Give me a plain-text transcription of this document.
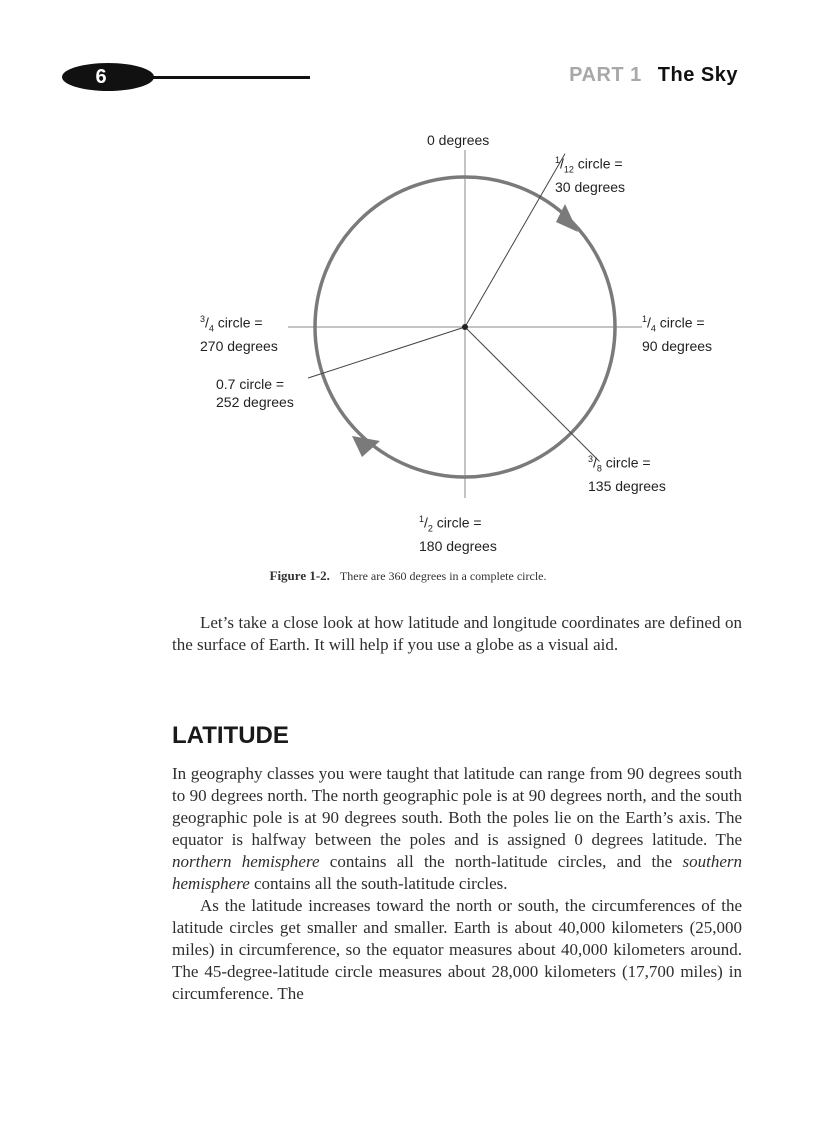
6	PART 1 The Sky
0 degrees
$^1/_{12}$ circle =
30 degrees
$^1/_4$ circle =
90 degrees
$^3/_4$ circle =
270 degrees
0.7 circle =
252 degrees
$^3/_8$ circle =
135 degrees
$^1/_2$ circle =
180 degrees
Figure 1-2. There are 360 degrees in a complete circle.

Let’s take a close look at how latitude and longitude coordinates are defined on the surface of Earth. It will help if you use a globe as a visual aid.

LATITUDE

In geography classes you were taught that latitude can range from 90 degrees south to 90 degrees north. The north geographic pole is at 90 degrees north, and the south geographic pole is at 90 degrees south. Both the poles lie on the Earth’s axis. The equator is halfway between the poles and is assigned 0 degrees latitude. The northern hemisphere contains all the north-latitude circles, and the southern hemisphere contains all the south-latitude circles.

As the latitude increases toward the north or south, the circumferences of the latitude circles get smaller and smaller. Earth is about 40,000 kilometers (25,000 miles) in circumference, so the equator measures about 40,000 kilometers around. The 45-degree-latitude circle measures about 28,000 kilometers (17,700 miles) in circumference. The
